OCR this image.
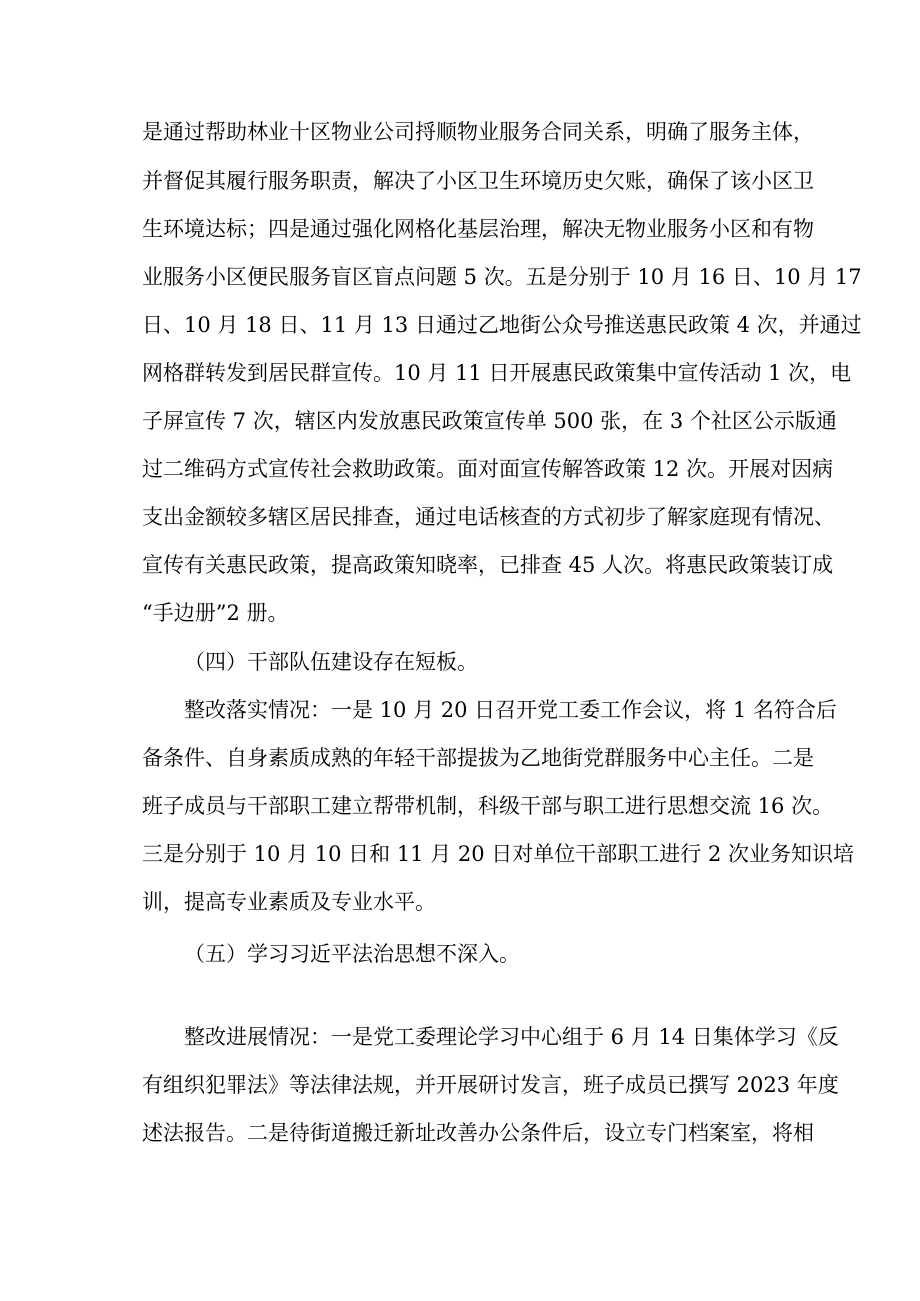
是通过帮助林业十区物业公司捋顺物业服务合同关系，明确了服务主体，
并督促其履行服务职责，解决了小区卫生环境历史欠账，确保了该小区卫
生环境达标；四是通过强化网格化基层治理，解决无物业服务小区和有物
业服务小区便民服务盲区盲点问题 5 次。五是分别于 10 月 16 日、10 月 17
日、10 月 18 日、11 月 13 日通过乙地街公众号推送惠民政策 4 次，并通过
网格群转发到居民群宣传。10 月 11 日开展惠民政策集中宣传活动 1 次，电
子屏宣传 7 次，辖区内发放惠民政策宣传单 500 张，在 3 个社区公示版通
过二维码方式宣传社会救助政策。面对面宣传解答政策 12 次。开展对因病
支出金额较多辖区居民排查，通过电话核查的方式初步了解家庭现有情况、
宣传有关惠民政策，提高政策知晓率，已排查 45 人次。将惠民政策装订成
“手边册”2 册。
（四）干部队伍建设存在短板。
整改落实情况：一是 10 月 20 日召开党工委工作会议，将 1 名符合后
备条件、自身素质成熟的年轻干部提拔为乙地街党群服务中心主任。二是
班子成员与干部职工建立帮带机制，科级干部与职工进行思想交流 16 次。
三是分别于 10 月 10 日和 11 月 20 日对单位干部职工进行 2 次业务知识培
训，提高专业素质及专业水平。
（五）学习习近平法治思想不深入。
整改进展情况：一是党工委理论学习中心组于 6 月 14 日集体学习《反
有组织犯罪法》等法律法规，并开展研讨发言，班子成员已撰写 2023 年度
述法报告。二是待街道搬迁新址改善办公条件后，设立专门档案室，将相
